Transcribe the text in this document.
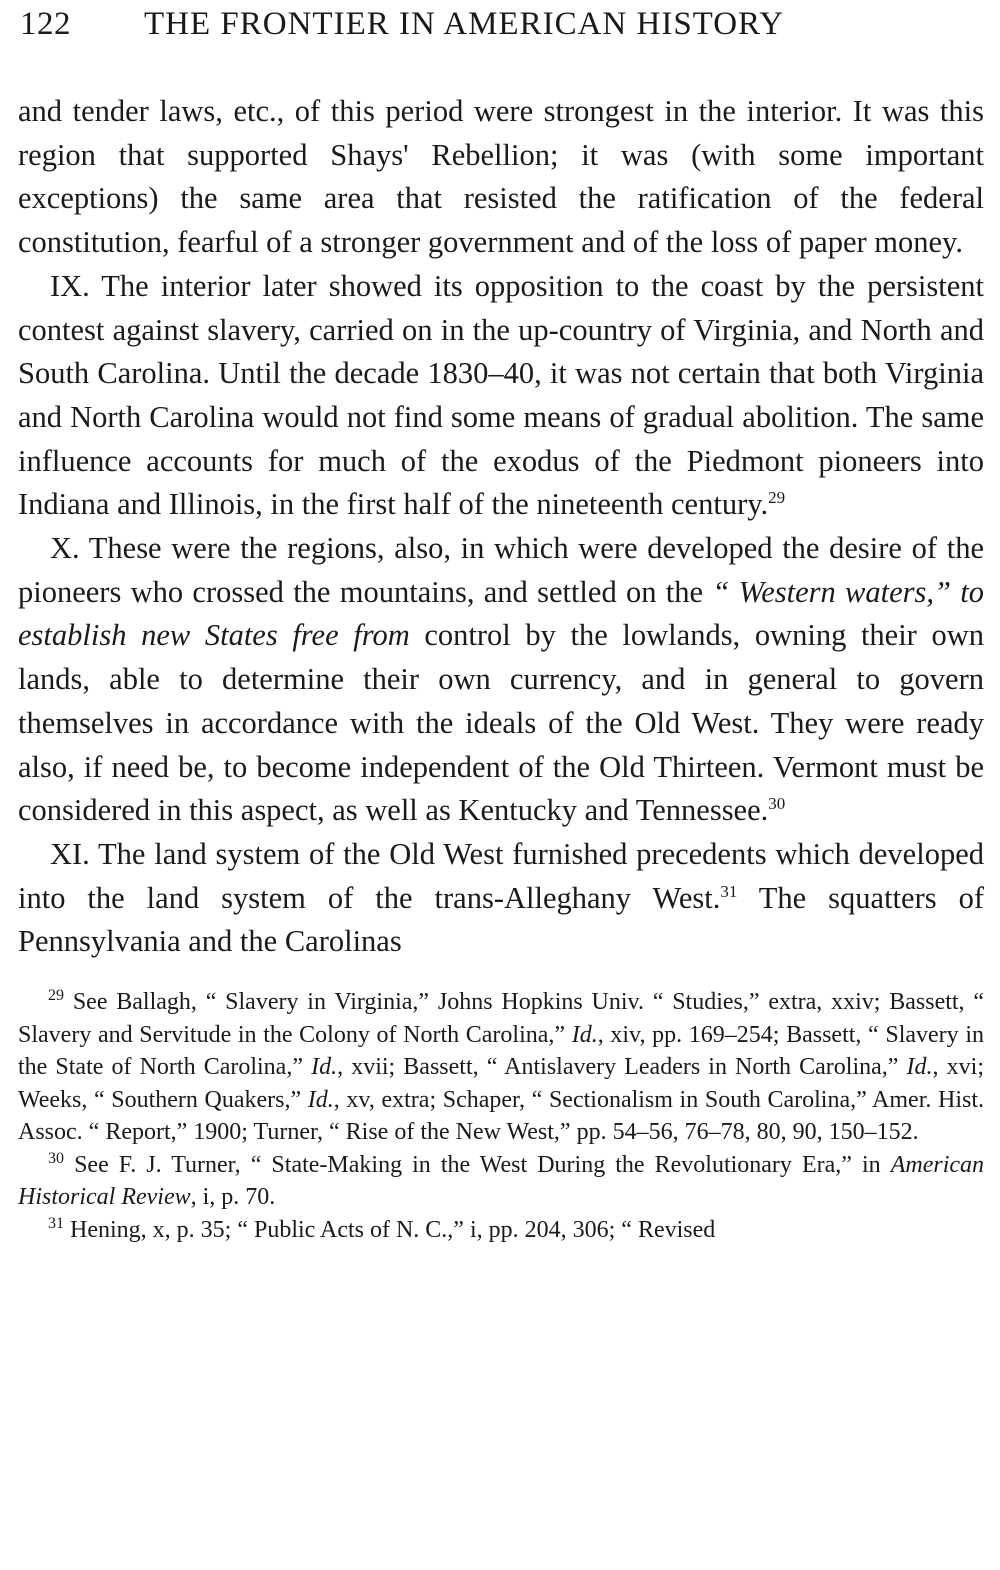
122 THE FRONTIER IN AMERICAN HISTORY

and tender laws, etc., of this period were strongest in the interior. It was this region that supported Shays' Rebellion; it was (with some important exceptions) the same area that resisted the ratification of the federal constitution, fearful of a stronger government and of the loss of paper money.

IX. The interior later showed its opposition to the coast by the persistent contest against slavery, carried on in the up-country of Virginia, and North and South Carolina. Until the decade 1830–40, it was not certain that both Virginia and North Carolina would not find some means of gradual abolition. The same influence accounts for much of the exodus of the Piedmont pioneers into Indiana and Illinois, in the first half of the nineteenth century.$^{29}$

X. These were the regions, also, in which were developed the desire of the pioneers who crossed the mountains, and settled on the “ Western waters,” to establish new States free from control by the lowlands, owning their own lands, able to determine their own currency, and in general to govern themselves in accordance with the ideals of the Old West. They were ready also, if need be, to become independent of the Old Thirteen. Vermont must be considered in this aspect, as well as Kentucky and Tennessee.$^{30}$

XI. The land system of the Old West furnished precedents which developed into the land system of the trans-Alleghany West.$^{31}$ The squatters of Pennsylvania and the Carolinas

$^{29}$ See Ballagh, “ Slavery in Virginia,” Johns Hopkins Univ. “ Studies,” extra, xxiv; Bassett, “ Slavery and Servitude in the Colony of North Carolina,” Id., xiv, pp. 169–254; Bassett, “ Slavery in the State of North Carolina,” Id., xvii; Bassett, “ Antislavery Leaders in North Carolina,” Id., xvi; Weeks, “ Southern Quakers,” Id., xv, extra; Schaper, “ Sectionalism in South Carolina,” Amer. Hist. Assoc. “ Report,” 1900; Turner, “ Rise of the New West,” pp. 54–56, 76–78, 80, 90, 150–152.

$^{30}$ See F. J. Turner, “ State-Making in the West During the Revolutionary Era,” in American Historical Review, i, p. 70.

$^{31}$ Hening, x, p. 35; “ Public Acts of N. C.,” i, pp. 204, 306; “ Revised
